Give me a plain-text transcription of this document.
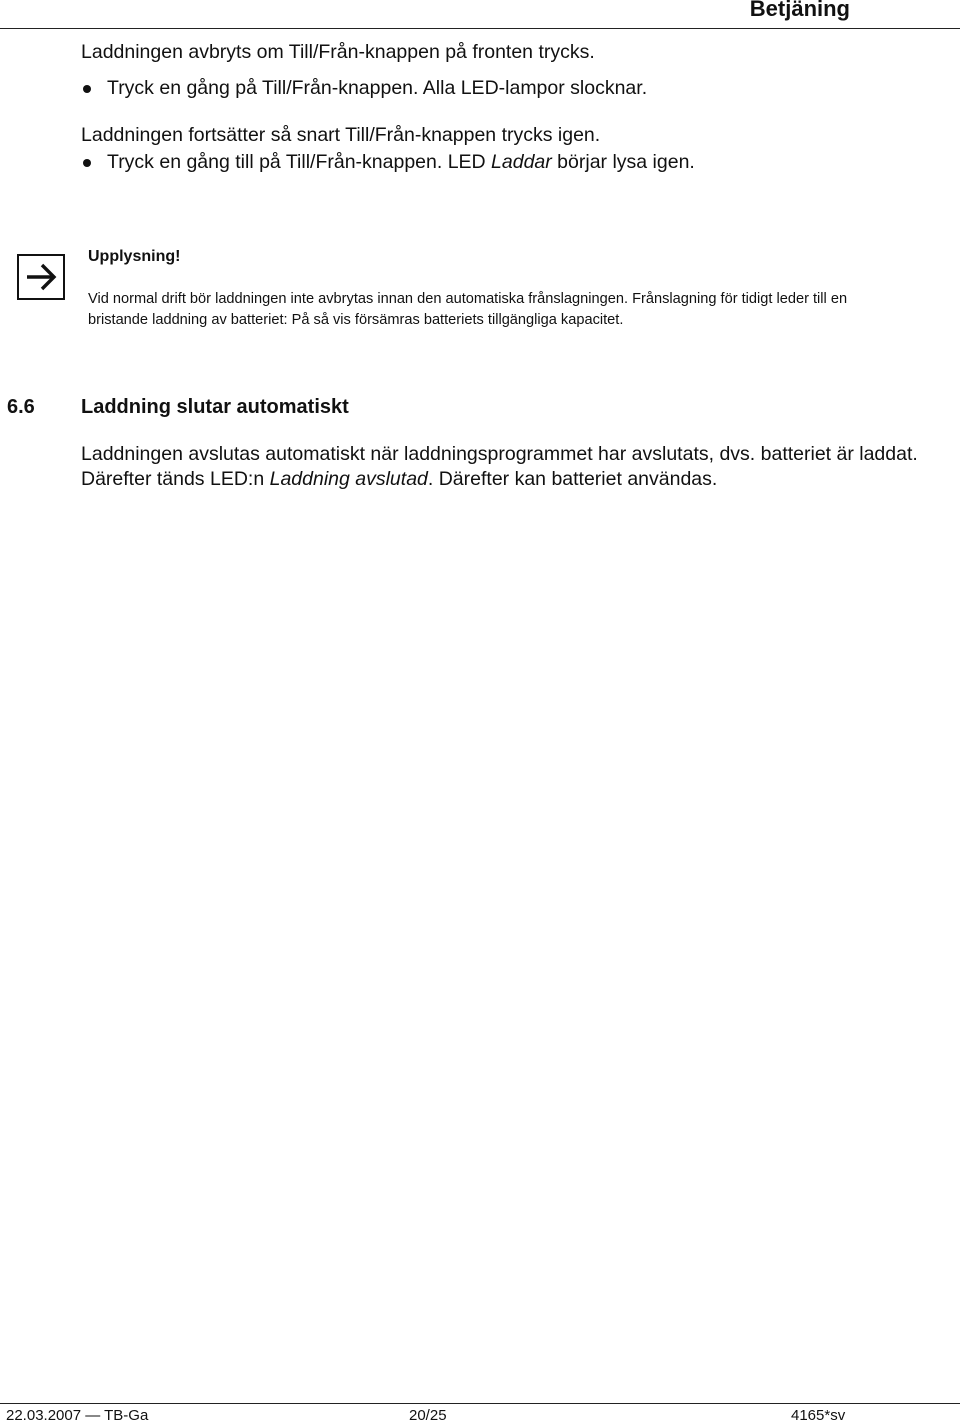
Betjäning
Laddningen avbryts om Till/Från-knappen på fronten trycks.
Tryck en gång på Till/Från-knappen. Alla LED-lampor slocknar.
Laddningen fortsätter så snart Till/Från-knappen trycks igen.
Tryck en gång till på Till/Från-knappen. LED Laddar börjar lysa igen.
Upplysning!
Vid normal drift bör laddningen inte avbrytas innan den automatiska frånslagningen. Frånslagning för tidigt leder till en bristande laddning av batteriet: På så vis försämras batteriets tillgängliga kapacitet.
6.6 Laddning slutar automatiskt
Laddningen avslutas automatiskt när laddningsprogrammet har avslutats, dvs. batteriet är laddat. Därefter tänds LED:n Laddning avslutad. Därefter kan batteriet användas.
22.03.2007 — TB-Ga	20/25	4165*sv
